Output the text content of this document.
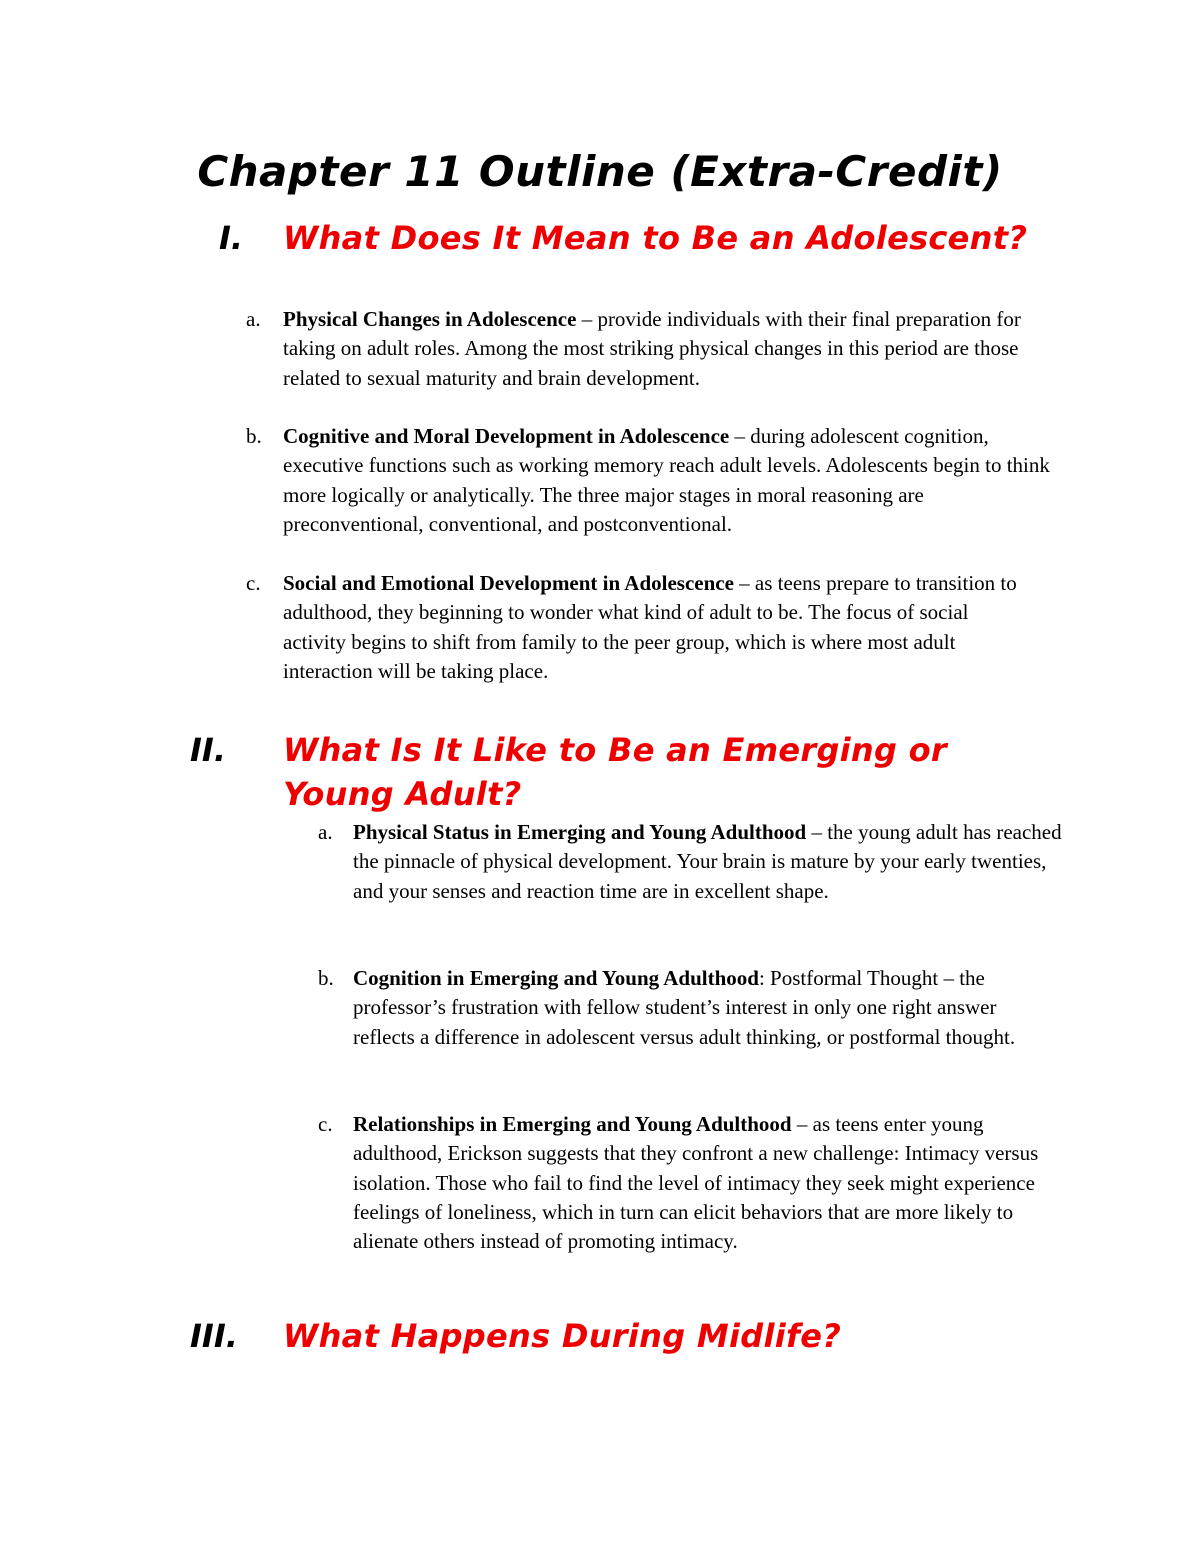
Chapter 11 Outline (Extra-Credit)
I. What Does It Mean to Be an Adolescent?
a. Physical Changes in Adolescence – provide individuals with their final preparation for taking on adult roles. Among the most striking physical changes in this period are those related to sexual maturity and brain development.

b. Cognitive and Moral Development in Adolescence – during adolescent cognition, executive functions such as working memory reach adult levels. Adolescents begin to think more logically or analytically. The three major stages in moral reasoning are preconventional, conventional, and postconventional.

c. Social and Emotional Development in Adolescence – as teens prepare to transition to adulthood, they beginning to wonder what kind of adult to be. The focus of social activity begins to shift from family to the peer group, which is where most adult interaction will be taking place.

II. What Is It Like to Be an Emerging or Young Adult?
a. Physical Status in Emerging and Young Adulthood – the young adult has reached the pinnacle of physical development. Your brain is mature by your early twenties, and your senses and reaction time are in excellent shape.

b. Cognition in Emerging and Young Adulthood: Postformal Thought – the professor’s frustration with fellow student’s interest in only one right answer reflects a difference in adolescent versus adult thinking, or postformal thought.

c. Relationships in Emerging and Young Adulthood – as teens enter young adulthood, Erickson suggests that they confront a new challenge: Intimacy versus isolation. Those who fail to find the level of intimacy they seek might experience feelings of loneliness, which in turn can elicit behaviors that are more likely to alienate others instead of promoting intimacy.

III. What Happens During Midlife?
